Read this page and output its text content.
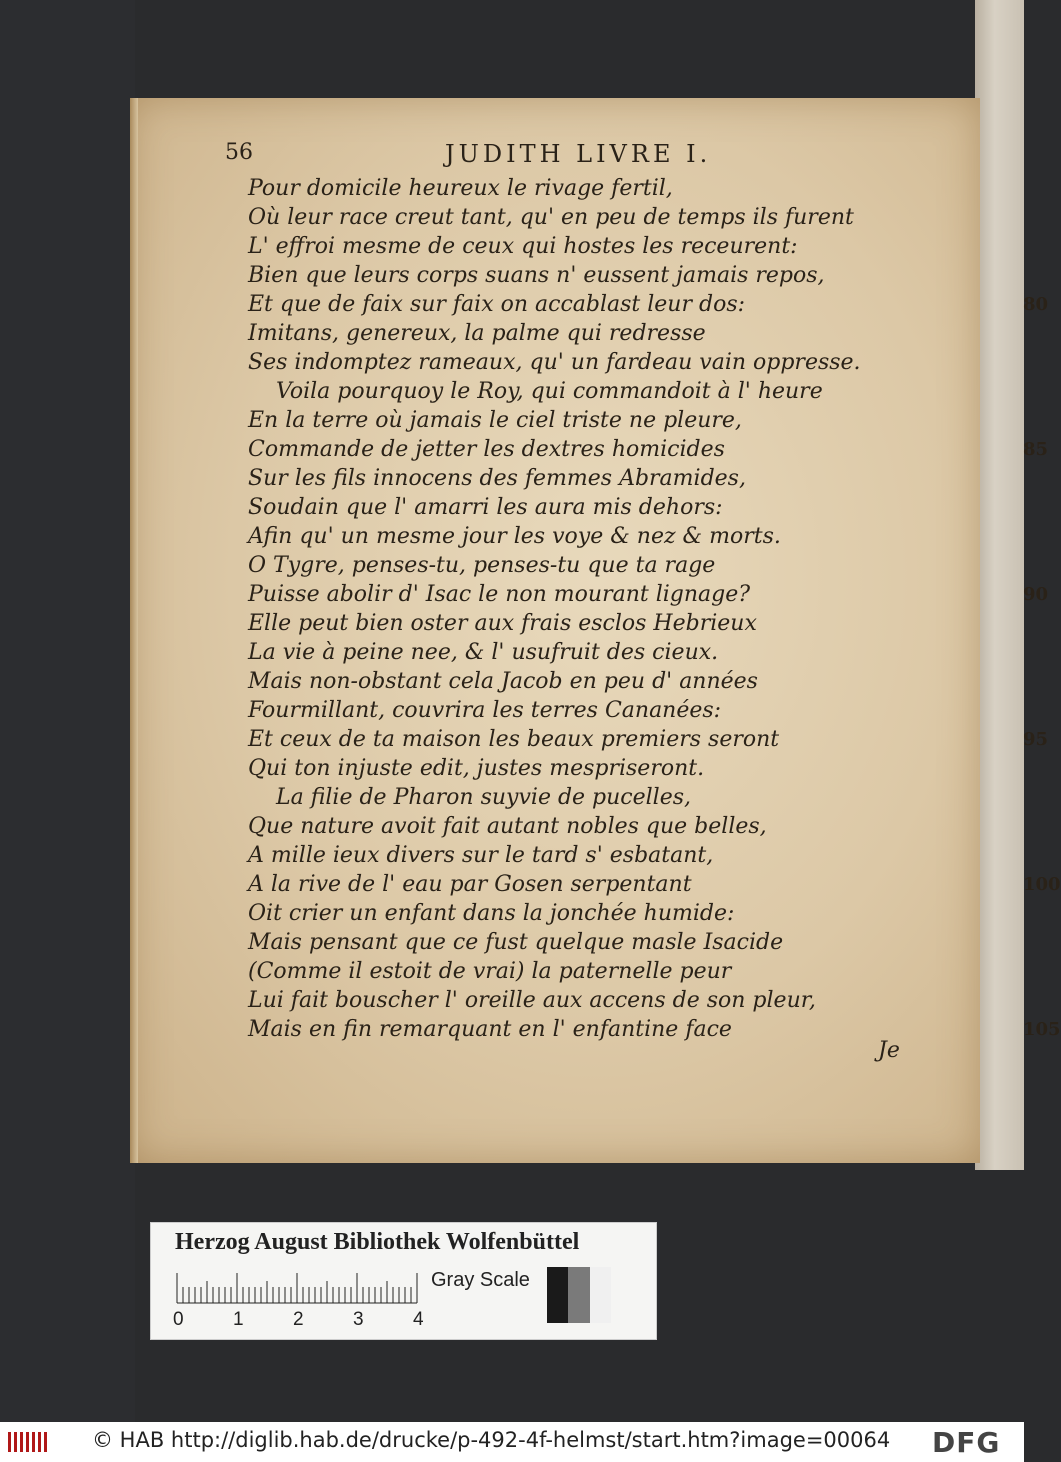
56	JUDITH LIVRE I.
Pour domicile heureux le rivage fertil,
Où leur race creut tant, qu' en peu de temps ils furent
L' effroi mesme de ceux qui hostes les receurent:
Bien que leurs corps suans n' eussent jamais repos,
Et que de faix sur faix on accablast leur dos:	80
Imitans, genereux, la palme qui redresse
Ses indomptez rameaux, qu' un fardeau vain oppresse.
Voila pourquoy le Roy, qui commandoit à l' heure
En la terre où jamais le ciel triste ne pleure,
Commande de jetter les dextres homicides	85
Sur les fils innocens des femmes Abramides,
Soudain que l' amarri les aura mis dehors:
Afin qu' un mesme jour les voye & nez & morts.
O Tygre, penses-tu, penses-tu que ta rage
Puisse abolir d' Isac le non mourant lignage?	90
Elle peut bien oster aux frais esclos Hebrieux
La vie à peine nee, & l' usufruit des cieux.
Mais non-obstant cela Jacob en peu d' années
Fourmillant, couvrira les terres Cananées:
Et ceux de ta maison les beaux premiers seront	95
Qui ton injuste edit, justes mespriseront.
La filie de Pharon suyvie de pucelles,
Que nature avoit fait autant nobles que belles,
A mille ieux divers sur le tard s' esbatant,
A la rive de l' eau par Gosen serpentant	100
Oit crier un enfant dans la jonchée humide:
Mais pensant que ce fust quelque masle Isacide
(Comme il estoit de vrai) la paternelle peur
Lui fait bouscher l' oreille aux accens de son pleur,
Mais en fin remarquant en l' enfantine face	105
Je
Herzog August Bibliothek Wolfenbüttel
0	1	2	3	4
Gray Scale
© HAB http://diglib.hab.de/drucke/p-492-4f-helmst/start.htm?image=00064 DFG
